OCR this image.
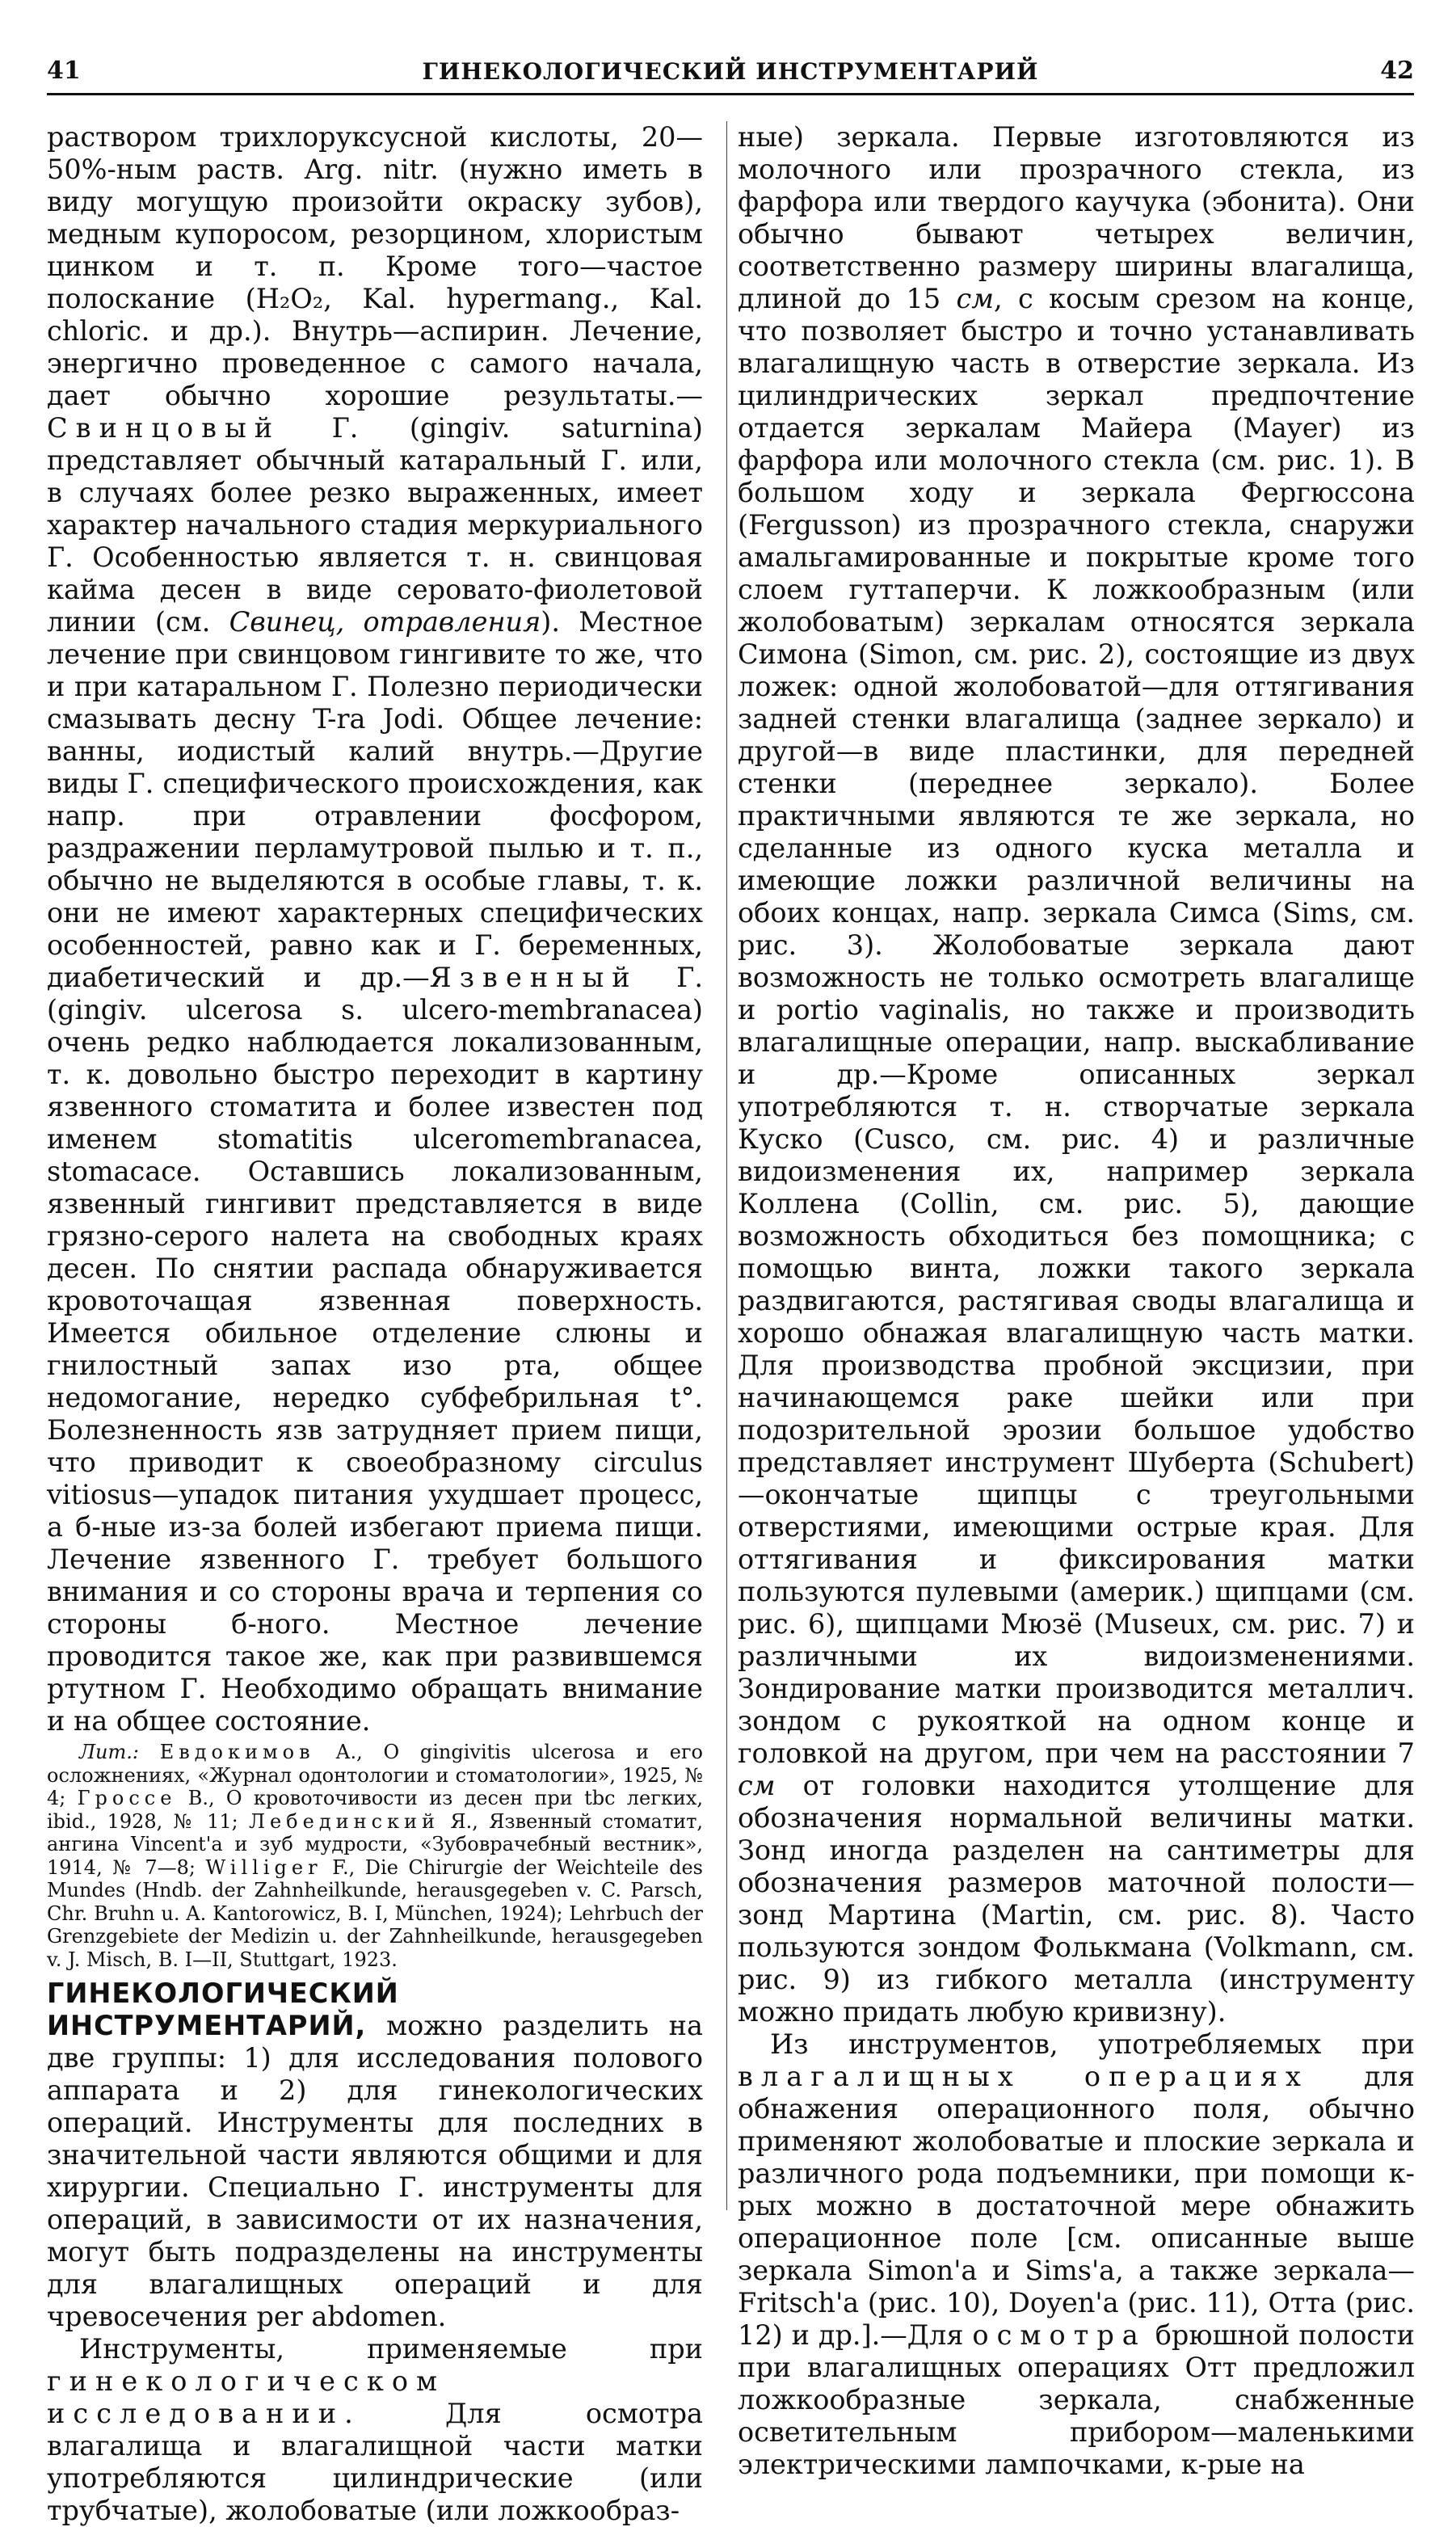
41	ГИНЕКОЛОГИЧЕСКИЙ ИНСТРУМЕНТАРИЙ	42

раствором трихлоруксусной кислоты, 20—50%-ным раств. Arg. nitr. (нужно иметь в виду могущую произойти окраску зубов), медным купоросом, резорцином, хлористым цинком и т. п. Кроме того—частое полоскание (H₂O₂, Kal. hypermang., Kal. chloric. и др.). Внутрь—аспирин. Лечение, энергично проведенное с самого начала, дает обычно хорошие результаты.—Свинцовый Г. (gingiv. saturnina) представляет обычный катаральный Г. или, в случаях более резко выраженных, имеет характер начального стадия меркуриального Г. Особенностью является т. н. свинцовая кайма десен в виде серовато-фиолетовой линии (см. Свинец, отравления). Местное лечение при свинцовом гингивите то же, что и при катаральном Г. Полезно периодически смазывать десну T-ra Jodi. Общее лечение: ванны, иодистый калий внутрь.—Другие виды Г. специфического происхождения, как напр. при отравлении фосфором, раздражении перламутровой пылью и т. п., обычно не выделяются в особые главы, т. к. они не имеют характерных специфических особенностей, равно как и Г. беременных, диабетический и др.—Язвенный Г. (gingiv. ulcerosa s. ulcero-membranacea) очень редко наблюдается локализованным, т. к. довольно быстро переходит в картину язвенного стоматита и более известен под именем stomatitis ulceromembranacea, stomacace. Оставшись локализованным, язвенный гингивит представляется в виде грязно-серого налета на свободных краях десен. По снятии распада обнаруживается кровоточащая язвенная поверхность. Имеется обильное отделение слюны и гнилостный запах изо рта, общее недомогание, нередко субфебрильная t°. Болезненность язв затрудняет прием пищи, что приводит к своеобразному circulus vitiosus—упадок питания ухудшает процесс, а б-ные из-за болей избегают приема пищи. Лечение язвенного Г. требует большого внимания и со стороны врача и терпения со стороны б-ного. Местное лечение проводится такое же, как при развившемся ртутном Г. Необходимо обращать внимание и на общее состояние.

Лит.: Евдокимов А., О gingivitis ulcerosa и его осложнениях, «Журнал одонтологии и стоматологии», 1925, № 4; Гроссе В., О кровоточивости из десен при tbc легких, ibid., 1928, № 11; Лебединский Я., Язвенный стоматит, ангина Vincent'a и зуб мудрости, «Зубоврачебный вестник», 1914, № 7—8; Williger F., Die Chirurgie der Weichteile des Mundes (Hndb. der Zahnheilkunde, herausgegeben v. C. Parsch, Chr. Bruhn u. A. Kantorowicz, B. I, München, 1924); Lehrbuch der Grenzgebiete der Medizin u. der Zahnheilkunde, herausgegeben v. J. Misch, B. I—II, Stuttgart, 1923.

ГИНЕКОЛОГИЧЕСКИЙ ИНСТРУМЕНТАРИЙ, можно разделить на две группы: 1) для исследования полового аппарата и 2) для гинекологических операций. Инструменты для последних в значительной части являются общими и для хирургии. Специально Г. инструменты для операций, в зависимости от их назначения, могут быть подразделены на инструменты для влагалищных операций и для чревосечения per abdomen.

Инструменты, применяемые при гинекологическом исследовании. Для осмотра влагалища и влагалищной части матки употребляются цилиндрические (или трубчатые), жолобоватые (или ложкообраз-

ные) зеркала. Первые изготовляются из молочного или прозрачного стекла, из фарфора или твердого каучука (эбонита). Они обычно бывают четырех величин, соответственно размеру ширины влагалища, длиной до 15 см, с косым срезом на конце, что позволяет быстро и точно устанавливать влагалищную часть в отверстие зеркала. Из цилиндрических зеркал предпочтение отдается зеркалам Майера (Mayer) из фарфора или молочного стекла (см. рис. 1). В большом ходу и зеркала Фергюссона (Fergusson) из прозрачного стекла, снаружи амальгамированные и покрытые кроме того слоем гуттаперчи. К ложкообразным (или жолобоватым) зеркалам относятся зеркала Симона (Simon, см. рис. 2), состоящие из двух ложек: одной жолобоватой—для оттягивания задней стенки влагалища (заднее зеркало) и другой—в виде пластинки, для передней стенки (переднее зеркало). Более практичными являются те же зеркала, но сделанные из одного куска металла и имеющие ложки различной величины на обоих концах, напр. зеркала Симса (Sims, см. рис. 3). Жолобоватые зеркала дают возможность не только осмотреть влагалище и portio vaginalis, но также и производить влагалищные операции, напр. выскабливание и др.—Кроме описанных зеркал употребляются т. н. створчатые зеркала Куско (Cusco, см. рис. 4) и различные видоизменения их, например зеркала Коллена (Collin, см. рис. 5), дающие возможность обходиться без помощника; с помощью винта, ложки такого зеркала раздвигаются, растягивая своды влагалища и хорошо обнажая влагалищную часть матки. Для производства пробной эксцизии, при начинающемся раке шейки или при подозрительной эрозии большое удобство представляет инструмент Шуберта (Schubert)—окончатые щипцы с треугольными отверстиями, имеющими острые края. Для оттягивания и фиксирования матки пользуются пулевыми (америк.) щипцами (см. рис. 6), щипцами Мюзё (Museux, см. рис. 7) и различными их видоизменениями. Зондирование матки производится металлич. зондом с рукояткой на одном конце и головкой на другом, при чем на расстоянии 7 см от головки находится утолщение для обозначения нормальной величины матки. Зонд иногда разделен на сантиметры для обозначения размеров маточной полости—зонд Мартина (Martin, см. рис. 8). Часто пользуются зондом Фолькмана (Volkmann, см. рис. 9) из гибкого металла (инструменту можно придать любую кривизну).

Из инструментов, употребляемых при влагалищных операциях для обнажения операционного поля, обычно применяют жолобоватые и плоские зеркала и различного рода подъемники, при помощи к-рых можно в достаточной мере обнажить операционное поле [см. описанные выше зеркала Simon'a и Sims'a, а также зеркала—Fritsch'a (рис. 10), Doyen'a (рис. 11), Отта (рис. 12) и др.].—Для осмотра брюшной полости при влагалищных операциях Отт предложил ложкообразные зеркала, снабженные осветительным прибором—маленькими электрическими лампочками, к-рые на
